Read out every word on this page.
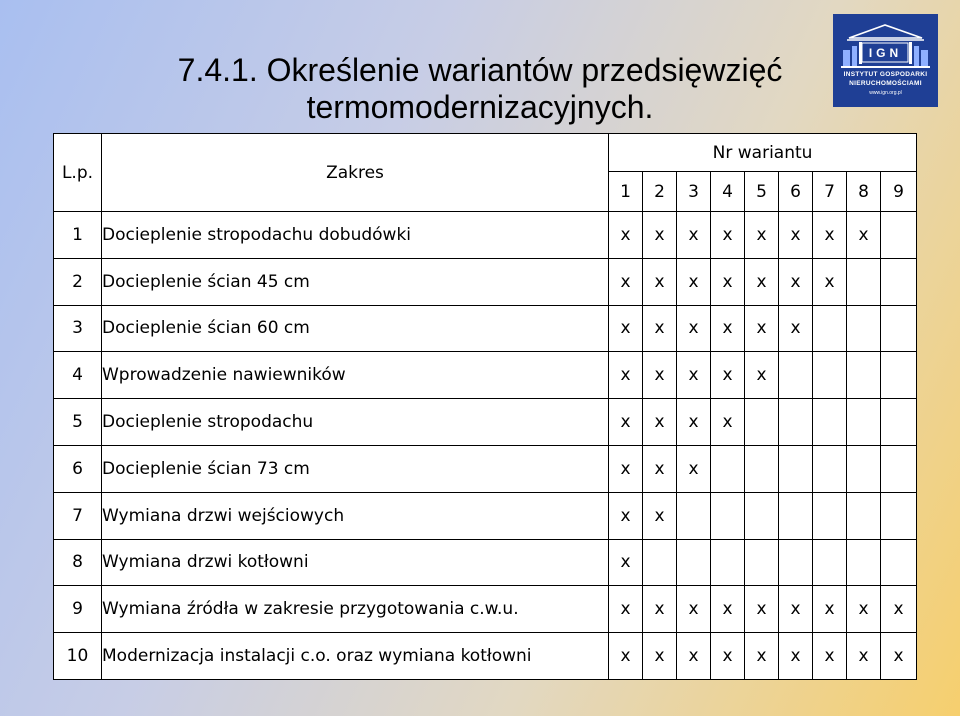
7.4.1. Określenie wariantów przedsięwzięć
termomodernizacyjnych.
IGN
INSTYTUT GOSPODARKI
NIERUCHOMOŚCIAMI
www.ign.org.pl
L.p.	Zakres	Nr wariantu								
		1	2	3	4	5	6	7	8	9
1	Docieplenie stropodachu dobudówki	x	x	x	x	x	x	x	x	
2	Docieplenie ścian 45 cm	x	x	x	x	x	x	x		
3	Docieplenie ścian 60 cm	x	x	x	x	x	x			
4	Wprowadzenie nawiewników	x	x	x	x	x				
5	Docieplenie stropodachu	x	x	x	x					
6	Docieplenie ścian 73 cm	x	x	x						
7	Wymiana drzwi wejściowych	x	x							
8	Wymiana drzwi kotłowni	x								
9	Wymiana źródła w zakresie przygotowania c.w.u.	x	x	x	x	x	x	x	x	x
10	Modernizacja instalacji c.o. oraz wymiana kotłowni	x	x	x	x	x	x	x	x	x
